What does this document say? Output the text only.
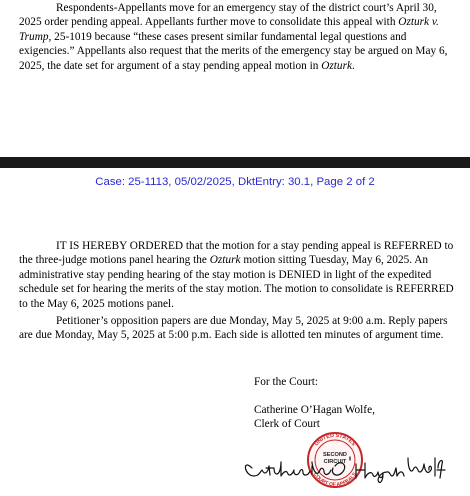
Respondents-Appellants move for an emergency stay of the district court’s April 30, 2025 order pending appeal. Appellants further move to consolidate this appeal with Ozturk v. Trump, 25-1019 because “these cases present similar fundamental legal questions and exigencies.” Appellants also request that the merits of the emergency stay be argued on May 6, 2025, the date set for argument of a stay pending appeal motion in Ozturk.

Case: 25-1113, 05/02/2025, DktEntry: 30.1, Page 2 of 2

IT IS HEREBY ORDERED that the motion for a stay pending appeal is REFERRED to the three-judge motions panel hearing the Ozturk motion sitting Tuesday, May 6, 2025. An administrative stay pending hearing of the stay motion is DENIED in light of the expedited schedule set for hearing the merits of the stay motion. The motion to consolidate is REFERRED to the May 6, 2025 motions panel.

Petitioner’s opposition papers are due Monday, May 5, 2025 at 9:00 a.m. Reply papers are due Monday, May 5, 2025 at 5:00 p.m. Each side is allotted ten minutes of argument time.

For the Court:
Catherine O’Hagan Wolfe,
Clerk of Court
UNITED STATES
COURT OF APPEALS
SECOND
CIRCUIT
